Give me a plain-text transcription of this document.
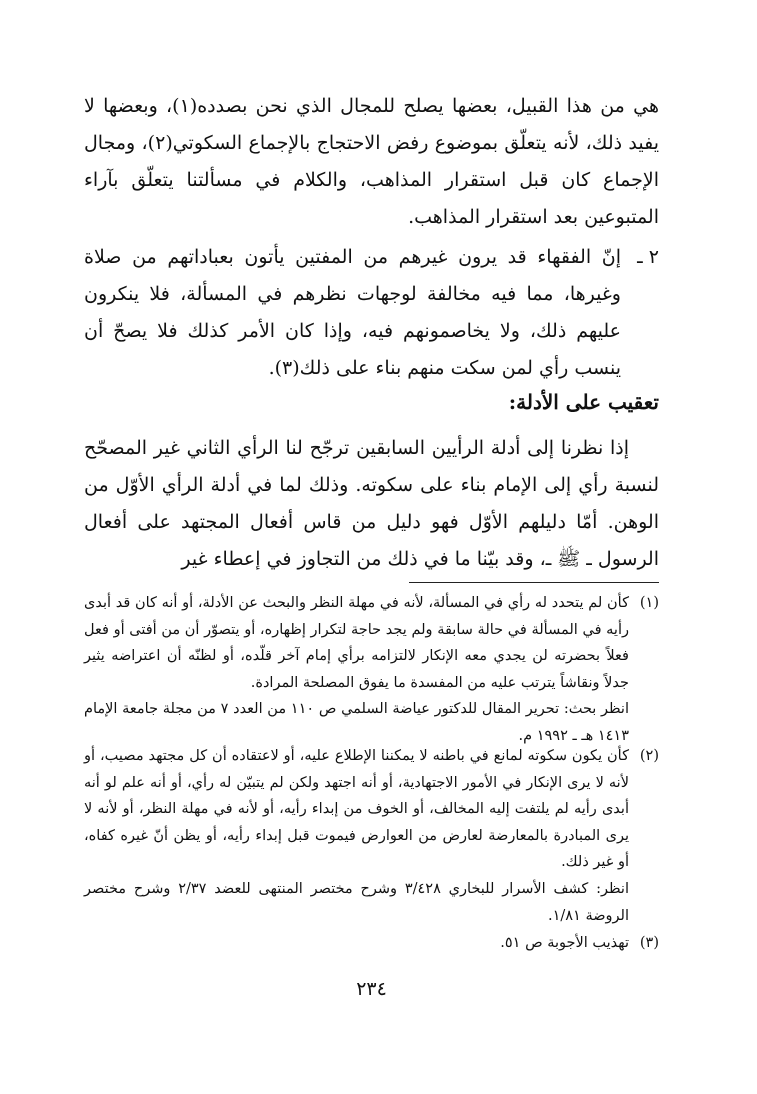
هي من هذا القبيل، بعضها يصلح للمجال الذي نحن بصدده(١)، وبعضها لا يفيد ذلك، لأنه يتعلّق بموضوع رفض الاحتجاج بالإجماع السكوتي(٢)، ومجال الإجماع كان قبل استقرار المذاهب، والكلام في مسألتنا يتعلّق بآراء المتبوعين بعد استقرار المذاهب.

٢ ـ
إنّ الفقهاء قد يرون غيرهم من المفتين يأتون بعباداتهم من صلاة وغيرها، مما فيه مخالفة لوجهات نظرهم في المسألة، فلا ينكرون عليهم ذلك، ولا يخاصمونهم فيه، وإذا كان الأمر كذلك فلا يصحّ أن ينسب رأي لمن سكت منهم بناء على ذلك(٣).
تعقيب على الأدلة:

إذا نظرنا إلى أدلة الرأيين السابقين ترجّح لنا الرأي الثاني غير المصحّح لنسبة رأي إلى الإمام بناء على سكوته. وذلك لما في أدلة الرأي الأوّل من الوهن. أمّا دليلهم الأوّل فهو دليل من قاس أفعال المجتهد على أفعال الرسول ـ ﷺ ـ، وقد بيّنا ما في ذلك من التجاوز في إعطاء غير

(١)
كأن لم يتحدد له رأي في المسألة، لأنه في مهلة النظر والبحث عن الأدلة، أو أنه كان قد أبدى رأيه في المسألة في حالة سابقة ولم يجد حاجة لتكرار إظهاره، أو يتصوّر أن من أفتى أو فعل فعلاً بحضرته لن يجدي معه الإنكار لالتزامه برأي إمام آخر قلّده، أو لظنّه أن اعتراضه يثير جدلاً ونقاشاً يترتب عليه من المفسدة ما يفوق المصلحة المرادة.
انظر بحث: تحرير المقال للدكتور عياضة السلمي ص ١١٠ من العدد ٧ من مجلة جامعة الإمام ١٤١٣ هـ ـ ١٩٩٢ م.
(٢)
كأن يكون سكوته لمانع في باطنه لا يمكننا الإطلاع عليه، أو لاعتقاده أن كل مجتهد مصيب، أو لأنه لا يرى الإنكار في الأمور الاجتهادية، أو أنه اجتهد ولكن لم يتبيّن له رأي، أو أنه علم لو أنه أبدى رأيه لم يلتفت إليه المخالف، أو الخوف من إبداء رأيه، أو لأنه في مهلة النظر، أو لأنه لا يرى المبادرة بالمعارضة لعارض من العوارض فيموت قبل إبداء رأيه، أو يظن أنّ غيره كفاه، أو غير ذلك.
انظر: كشف الأسرار للبخاري ٣/٤٢٨ وشرح مختصر المنتهى للعضد ٢/٣٧ وشرح مختصر الروضة ١/٨١.
(٣)
تهذيب الأجوبة ص ٥١.
٢٣٤
